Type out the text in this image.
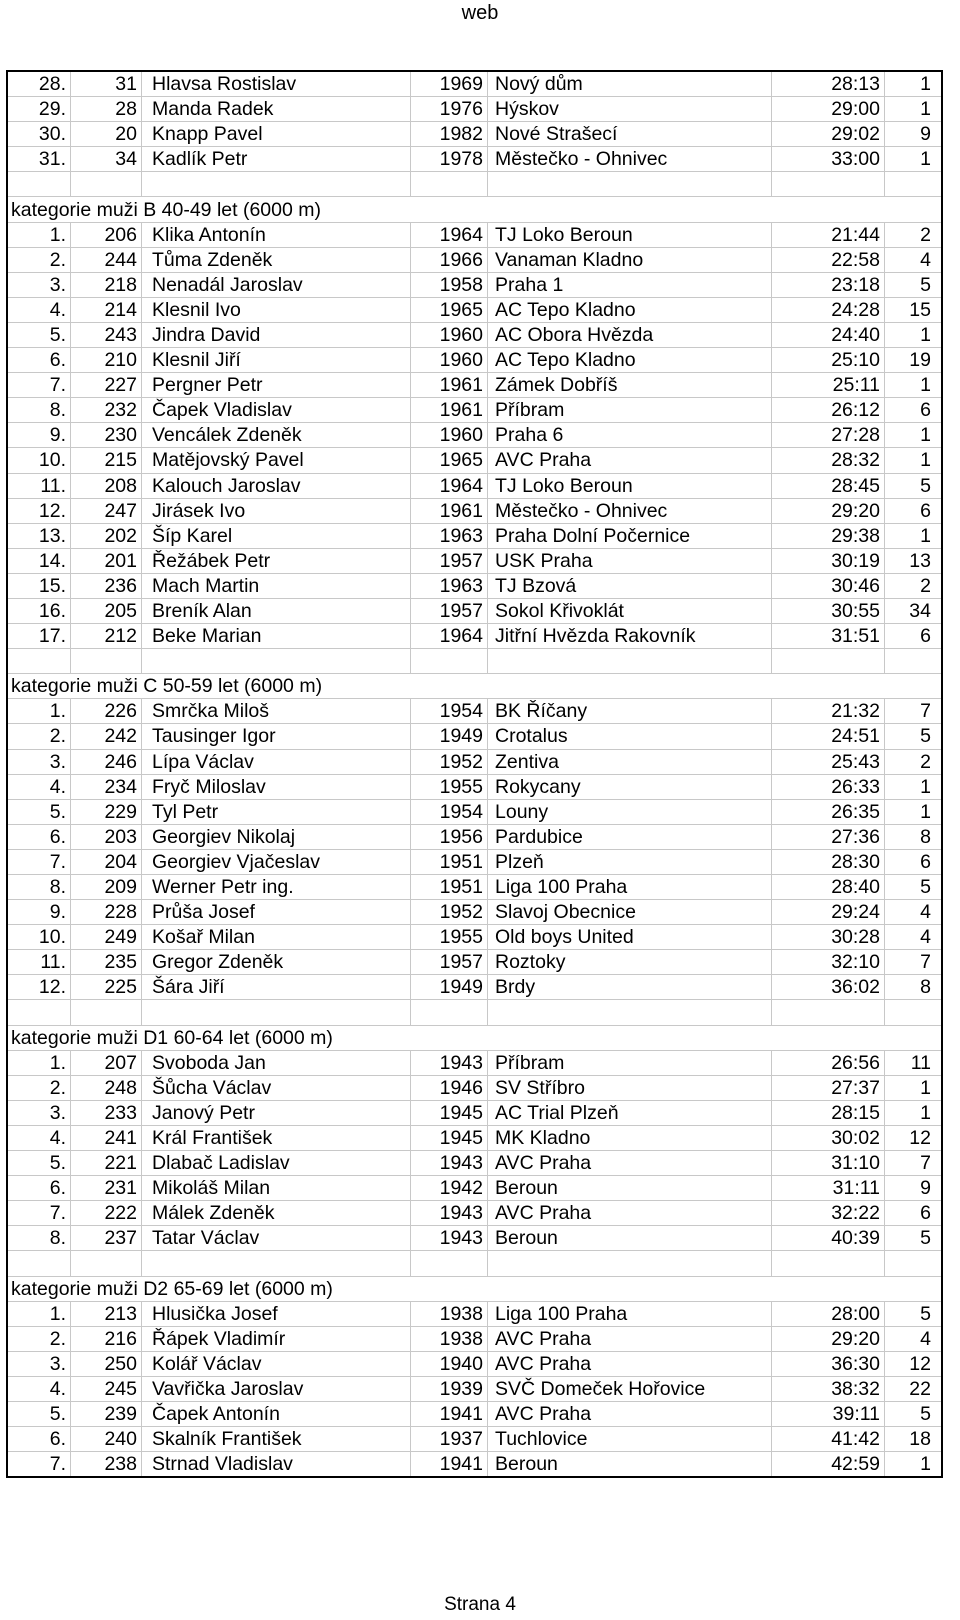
web
28.	31	Hlavsa Rostislav	1969	Nový dům	28:13	1
29.	28	Manda Radek	1976	Hýskov	29:00	1
30.	20	Knapp Pavel	1982	Nové Strašecí	29:02	9
31.	34	Kadlík Petr	1978	Městečko - Ohnivec	33:00	1

kategorie muži B 40-49 let (6000 m)						
1.	206	Klika Antonín	1964	TJ Loko Beroun	21:44	2
2.	244	Tůma Zdeněk	1966	Vanaman Kladno	22:58	4
3.	218	Nenadál Jaroslav	1958	Praha 1	23:18	5
4.	214	Klesnil Ivo	1965	AC Tepo Kladno	24:28	15
5.	243	Jindra David	1960	AC Obora Hvězda	24:40	1
6.	210	Klesnil Jiří	1960	AC Tepo Kladno	25:10	19
7.	227	Pergner Petr	1961	Zámek Dobříš	25:11	1
8.	232	Čapek Vladislav	1961	Příbram	26:12	6
9.	230	Vencálek Zdeněk	1960	Praha 6	27:28	1
10.	215	Matějovský Pavel	1965	AVC Praha	28:32	1
11.	208	Kalouch Jaroslav	1964	TJ Loko Beroun	28:45	5
12.	247	Jirásek Ivo	1961	Městečko - Ohnivec	29:20	6
13.	202	Šíp Karel	1963	Praha Dolní Počernice	29:38	1
14.	201	Řežábek Petr	1957	USK Praha	30:19	13
15.	236	Mach Martin	1963	TJ Bzová	30:46	2
16.	205	Breník Alan	1957	Sokol Křivoklát	30:55	34
17.	212	Beke Marian	1964	Jitřní Hvězda Rakovník	31:51	6

kategorie muži C 50-59 let (6000 m)						
1.	226	Smrčka Miloš	1954	BK Říčany	21:32	7
2.	242	Tausinger Igor	1949	Crotalus	24:51	5
3.	246	Lípa Václav	1952	Zentiva	25:43	2
4.	234	Fryč Miloslav	1955	Rokycany	26:33	1
5.	229	Tyl Petr	1954	Louny	26:35	1
6.	203	Georgiev Nikolaj	1956	Pardubice	27:36	8
7.	204	Georgiev Vjačeslav	1951	Plzeň	28:30	6
8.	209	Werner Petr ing.	1951	Liga 100 Praha	28:40	5
9.	228	Průša Josef	1952	Slavoj Obecnice	29:24	4
10.	249	Košař Milan	1955	Old boys United	30:28	4
11.	235	Gregor Zdeněk	1957	Roztoky	32:10	7
12.	225	Šára Jiří	1949	Brdy	36:02	8

kategorie muži D1 60-64 let (6000 m)						
1.	207	Svoboda Jan	1943	Příbram	26:56	11
2.	248	Šůcha Václav	1946	SV Stříbro	27:37	1
3.	233	Janový Petr	1945	AC Trial Plzeň	28:15	1
4.	241	Král František	1945	MK Kladno	30:02	12
5.	221	Dlabač Ladislav	1943	AVC Praha	31:10	7
6.	231	Mikoláš Milan	1942	Beroun	31:11	9
7.	222	Málek Zdeněk	1943	AVC Praha	32:22	6
8.	237	Tatar Václav	1943	Beroun	40:39	5

kategorie muži D2 65-69 let (6000 m)						
1.	213	Hlusička Josef	1938	Liga 100 Praha	28:00	5
2.	216	Řápek Vladimír	1938	AVC Praha	29:20	4
3.	250	Kolář Václav	1940	AVC Praha	36:30	12
4.	245	Vavřička Jaroslav	1939	SVČ Domeček Hořovice	38:32	22
5.	239	Čapek Antonín	1941	AVC Praha	39:11	5
6.	240	Skalník František	1937	Tuchlovice	41:42	18
7.	238	Strnad Vladislav	1941	Beroun	42:59	1
Strana 4
